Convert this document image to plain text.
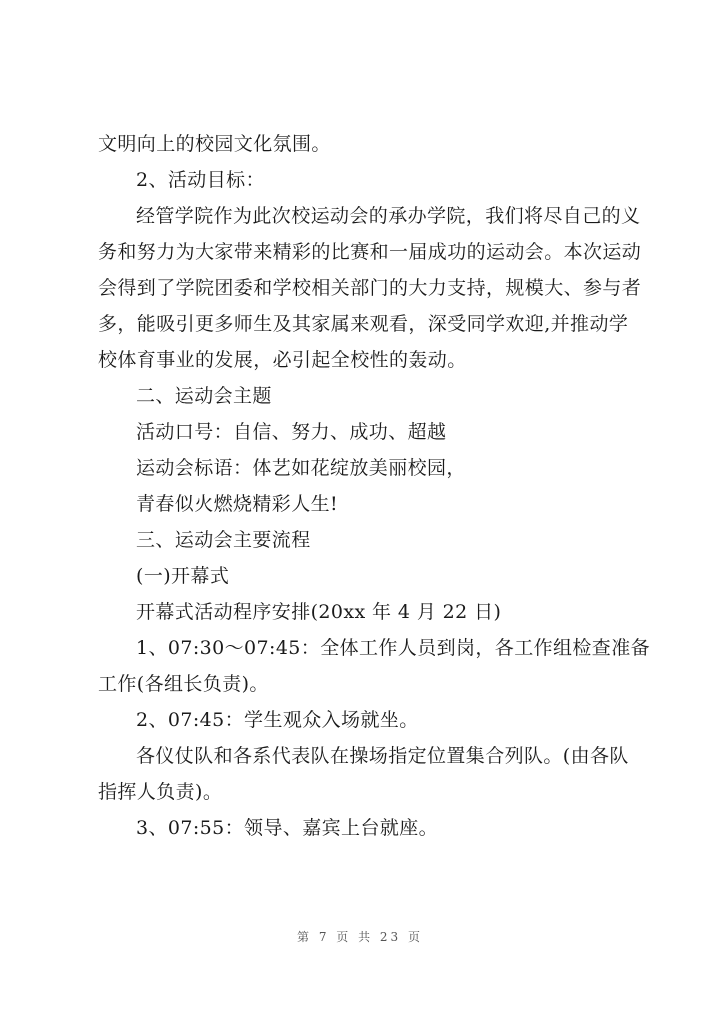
文明向上的校园文化氛围。
2、活动目标：
经管学院作为此次校运动会的承办学院，我们将尽自己的义
务和努力为大家带来精彩的比赛和一届成功的运动会。本次运动
会得到了学院团委和学校相关部门的大力支持，规模大、参与者
多，能吸引更多师生及其家属来观看，深受同学欢迎,并推动学
校体育事业的发展，必引起全校性的轰动。
二、运动会主题
活动口号：自信、努力、成功、超越
运动会标语：体艺如花绽放美丽校园，
青春似火燃烧精彩人生!
三、运动会主要流程
(一)开幕式
开幕式活动程序安排(20xx 年 4 月 22 日)
1、07:30～07:45：全体工作人员到岗，各工作组检查准备
工作(各组长负责)。
2、07:45：学生观众入场就坐。
各仪仗队和各系代表队在操场指定位置集合列队。(由各队
指挥人负责)。
3、07:55：领导、嘉宾上台就座。
第 7 页 共 23 页
